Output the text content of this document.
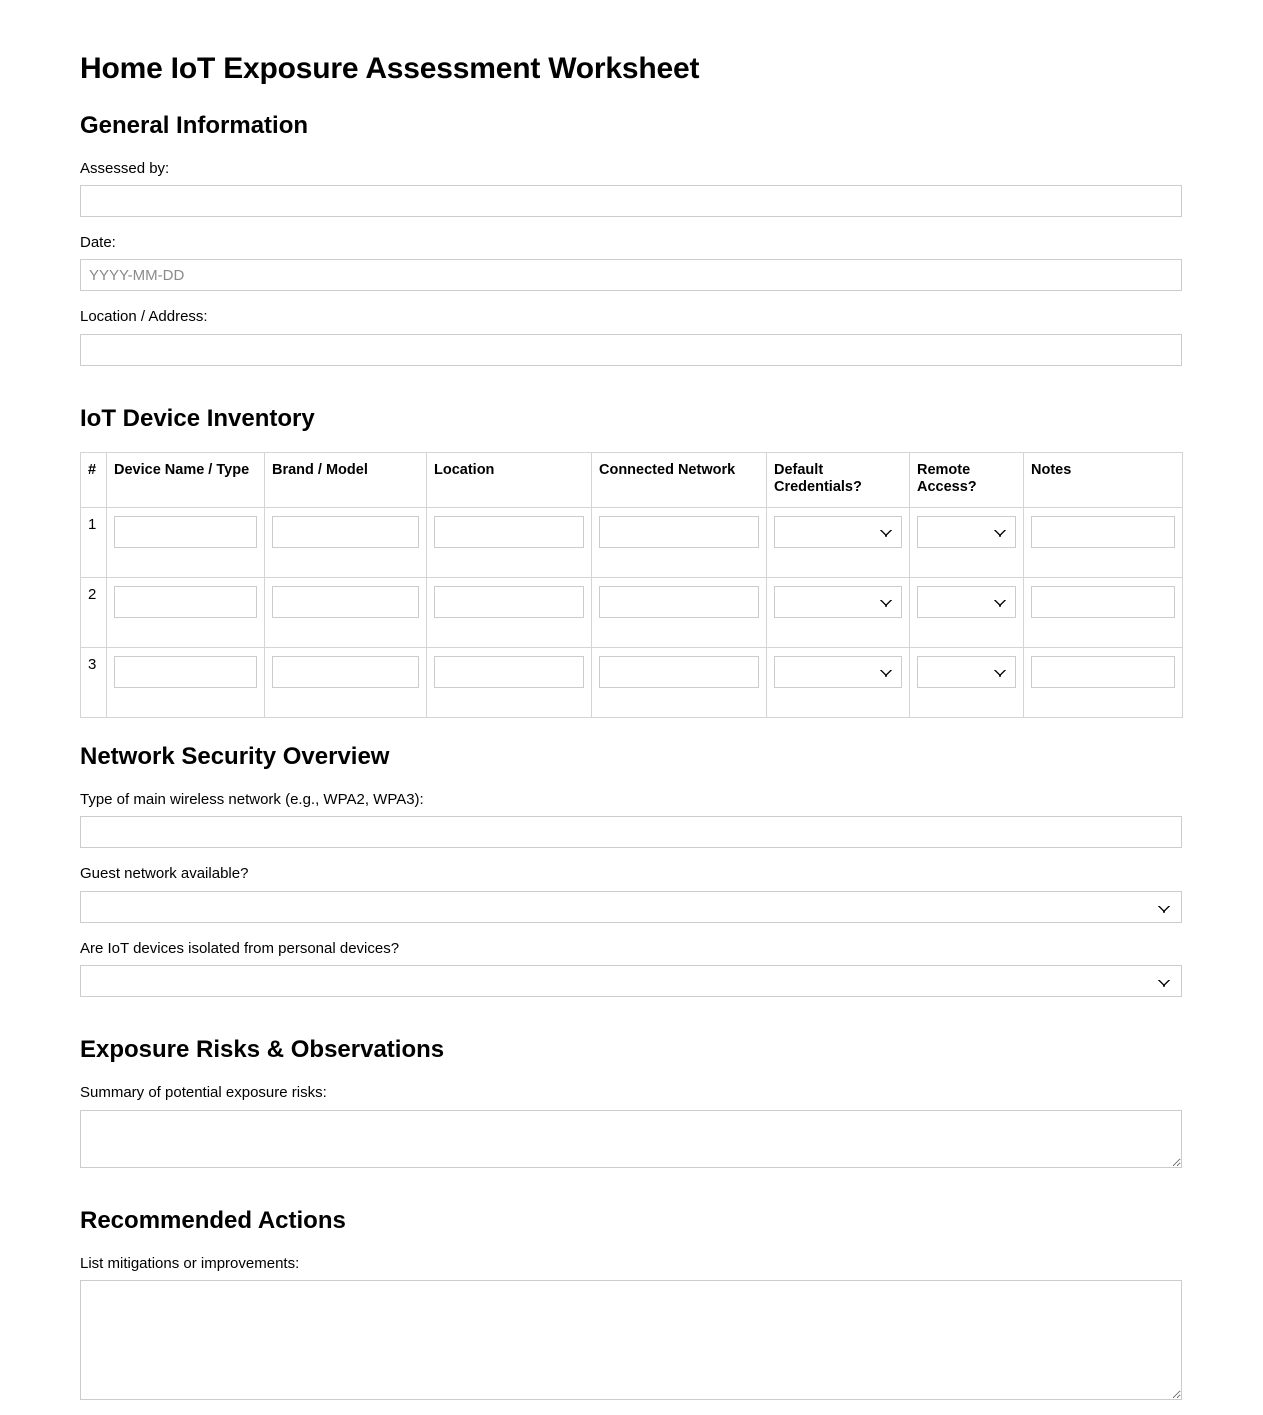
Home IoT Exposure Assessment Worksheet
General Information
Assessed by:
Date:
YYYY-MM-DD
Location / Address:
IoT Device Inventory
#	Device Name / Type	Brand / Model	Location	Connected Network	Default Credentials?	Remote Access?	Notes
1	

2	

3	

Network Security Overview
Type of main wireless network (e.g., WPA2, WPA3):
Guest network available?
Are IoT devices isolated from personal devices?
Exposure Risks & Observations
Summary of potential exposure risks:
Recommended Actions
List mitigations or improvements:
